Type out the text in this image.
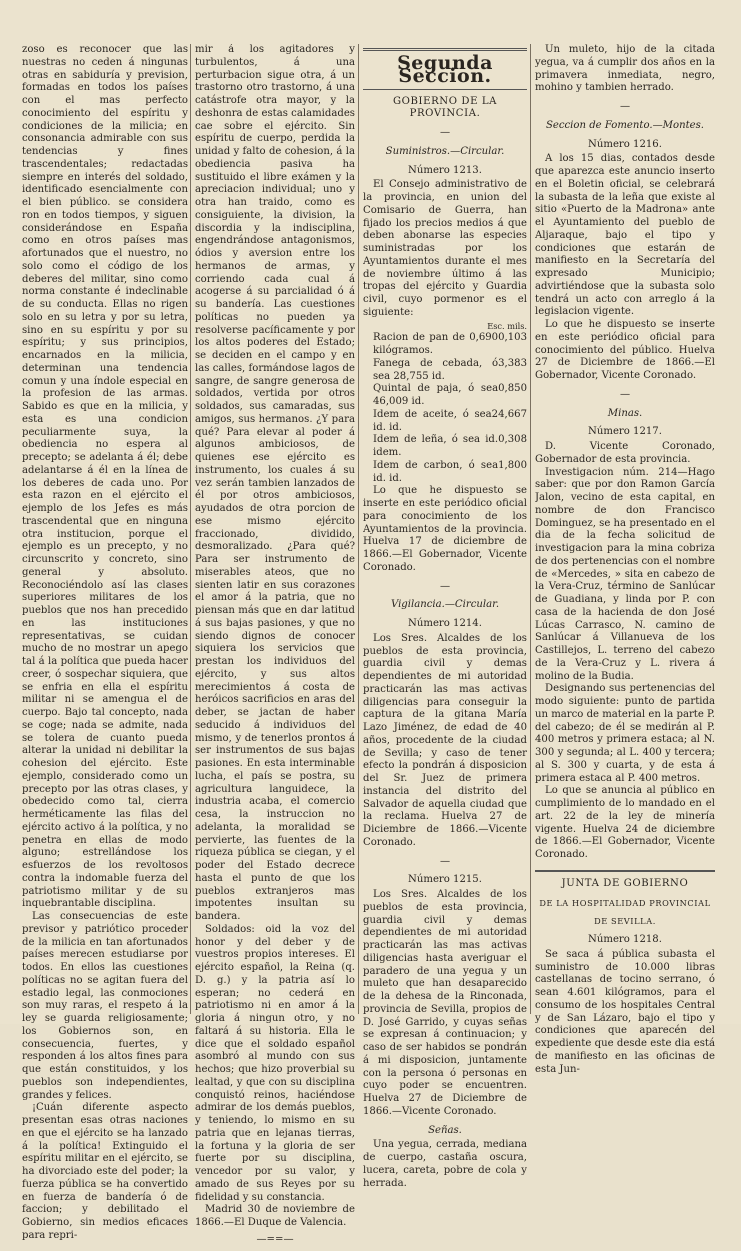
zoso es reconocer que las nuestras no ceden á ningunas otras en sabiduría y prevision, formadas en todos los países con el mas perfecto conocimiento del espíritu y condiciones de la milicia; en consonancia admirable con sus tendencias y fines trascendentales; redactadas siempre en interés del soldado, identificado esencialmente con el bien público. se considera ron en todos tiempos, y siguen considerándose en España como en otros países mas afortunados que el nuestro, no solo como el código de los deberes del militar, sino como norma constante é indeclinable de su conducta. Ellas no rigen solo en su letra y por su letra, sino en su espíritu y por su espíritu; y sus principios, encarnados en la milicia, determinan una tendencia comun y una índole especial en la profesion de las armas. Sabido es que en la milicia, y esta es una condicion peculiarmente suya, la obediencia no espera al precepto; se adelanta á él; debe adelantarse á él en la línea de los deberes de cada uno. Por esta razon en el ejército el ejemplo de los Jefes es más trascendental que en ninguna otra institucion, porque el ejemplo es un precepto, y no circunscrito y concreto, sino general y absoluto. Reconociéndolo así las clases superiores militares de los pueblos que nos han precedido en las instituciones representativas, se cuidan mucho de no mostrar un apego tal á la política que pueda hacer creer, ó sospechar siquiera, que se enfria en ella el espíritu militar ni se amengua el de cuerpo. Bajo tal concepto, nada se coge; nada se admite, nada se tolera de cuanto pueda alterar la unidad ni debilitar la cohesion del ejército. Este ejemplo, considerado como un precepto por las otras clases, y obedecido como tal, cierra herméticamente las filas del ejército activo á la política, y no penetra en ellas de modo alguno; estrellándose los esfuerzos de los revoltosos contra la indomable fuerza del patriotismo militar y de su inquebrantable disciplina.

Las consecuencias de este previsor y patriótico proceder de la milicia en tan afortunados países merecen estudiarse por todos. En ellos las cuestiones políticas no se agitan fuera del estadio legal, las conmociones son muy raras, el respeto á la ley se guarda religiosamente; los Gobiernos son, en consecuencia, fuertes, y responden á los altos fines para que están constituidos, y los pueblos son independientes, grandes y felices.

¡Cuán diferente aspecto presentan esas otras naciones en que el ejército se ha lanzado á la política! Extinguido el espíritu militar en el ejército, se ha divorciado este del poder; la fuerza pública se ha convertido en fuerza de bandería ó de faccion; y debilitado el Gobierno, sin medios eficaces para repri-

mir á los agitadores y turbulentos, á una perturbacion sigue otra, á un trastorno otro trastorno, á una catástrofe otra mayor, y la deshonra de estas calamidades cae sobre el ejército. Sin espíritu de cuerpo, perdida la unidad y falto de cohesion, á la obediencia pasiva ha sustituido el libre exámen y la apreciacion individual; uno y otra han traido, como es consiguiente, la division, la discordia y la indisciplina, engendrándose antagonismos, ódios y aversion entre los hermanos de armas, y corriendo cada cual á acogerse á su parcialidad ó á su bandería. Las cuestiones políticas no pueden ya resolverse pacíficamente y por los altos poderes del Estado; se deciden en el campo y en las calles, formándose lagos de sangre, de sangre generosa de soldados, vertida por otros soldados, sus camaradas, sus amigos, sus hermanos. ¿Y para qué? Para elevar al poder á algunos ambiciosos, de quienes ese ejército es instrumento, los cuales á su vez serán tambien lanzados de él por otros ambiciosos, ayudados de otra porcion de ese mismo ejército fraccionado, dividido, desmoralizado. ¿Para qué? Para ser instrumento de miserables ateos, que no sienten latir en sus corazones el amor á la patria, que no piensan más que en dar latitud á sus bajas pasiones, y que no siendo dignos de conocer siquiera los servicios que prestan los individuos del ejército, y sus altos merecimientos á costa de heróicos sacrificios en aras del deber, se jactan de haber seducido á individuos del mismo, y de tenerlos prontos á ser instrumentos de sus bajas pasiones. En esta interminable lucha, el país se postra, su agricultura languidece, la industria acaba, el comercio cesa, la instruccion no adelanta, la moralidad se pervierte, las fuentes de la riqueza pública se ciegan, y el poder del Estado decrece hasta el punto de que los pueblos extranjeros mas impotentes insultan su bandera.

Soldados: oid la voz del honor y del deber y de vuestros propios intereses. El ejército español, la Reina (q. D. g.) y la patria así lo esperan; no cederá en patriotismo ni en amor á la gloria á ningun otro, y no faltará á su historia. Ella le dice que el soldado español asombró al mundo con sus hechos; que hizo proverbial su lealtad, y que con su disciplina conquistó reinos, haciéndose admirar de los demás pueblos, y teniendo, lo mismo en su patria que en lejanas tierras, la fortuna y la gloria de ser fuerte por su disciplina, vencedor por su valor, y amado de sus Reyes por su fidelidad y su constancia.

Madrid 30 de noviembre de 1866.—El Duque de Valencia.

—==—
Segunda Seccion.
GOBIERNO DE LA PROVINCIA.
—
Suministros.—Circular.
Número 1213.

El Consejo administrativo de la provincia, en union del Comisario de Guerra, han fijado los precios medios á que deben abonarse las especies suministradas por los Ayuntamientos durante el mes de noviembre último á las tropas del ejército y Guardia civil, cuyo pormenor es el siguiente:

Esc. mils.
Racion de pan de 0,690 kilógramos.
0,103
Fanega de cebada, ó sea 28,755 id.
3,383
Quintal de paja, ó sea 46,009 id.
0,850
Idem de aceite, ó sea id. id.
24,667
Idem de leña, ó sea id. idem.
0,308
Idem de carbon, ó sea id. id.
1,800

Lo que he dispuesto se inserte en este periódico oficial para conocimiento de los Ayuntamientos de la provincia. Huelva 17 de diciembre de 1866.—El Gobernador, Vicente Coronado.

—
Vigilancia.—Circular.
Número 1214.

Los Sres. Alcaldes de los pueblos de esta provincia, guardia civil y demas dependientes de mi autoridad practicarán las mas activas diligencias para conseguir la captura de la gitana María Lazo Jiménez, de edad de 40 años, procedente de la ciudad de Sevilla; y caso de tener efecto la pondrán á disposicion del Sr. Juez de primera instancia del distrito del Salvador de aquella ciudad que la reclama. Huelva 27 de Diciembre de 1866.—Vicente Coronado.

—
Número 1215.

Los Sres. Alcaldes de los pueblos de esta provincia, guardia civil y demas dependientes de mi autoridad practicarán las mas activas diligencias hasta averiguar el paradero de una yegua y un muleto que han desaparecido de la dehesa de la Rinconada, provincia de Sevilla, propios de D. José Garrido, y cuyas señas se expresan á continuacion; y caso de ser habidos se pondrán á mi disposicion, juntamente con la persona ó personas en cuyo poder se encuentren. Huelva 27 de Diciembre de 1866.—Vicente Coronado.

Señas.

Una yegua, cerrada, mediana de cuerpo, castaña oscura, lucera, careta, pobre de cola y herrada.

Un muleto, hijo de la citada yegua, va á cumplir dos años en la primavera inmediata, negro, mohino y tambien herrado.

—
Seccion de Fomento.—Montes.
Número 1216.

A los 15 dias, contados desde que aparezca este anuncio inserto en el Boletin oficial, se celebrará la subasta de la leña que existe al sitio «Puerto de la Madrona» ante el Ayuntamiento del pueblo de Aljaraque, bajo el tipo y condiciones que estarán de manifiesto en la Secretaría del expresado Municipio; advirtiéndose que la subasta solo tendrá un acto con arreglo á la legislacion vigente.

Lo que he dispuesto se inserte en este periódico oficial para conocimiento del público. Huelva 27 de Diciembre de 1866.—El Gobernador, Vicente Coronado.

—
Minas.
Número 1217.

D. Vicente Coronado, Gobernador de esta provincia.

Investigacion núm. 214—Hago saber: que por don Ramon García Jalon, vecino de esta capital, en nombre de don Francisco Dominguez, se ha presentado en el dia de la fecha solicitud de investigacion para la mina cobriza de dos pertenencias con el nombre de «Mercedes, » sita en cabezo de la Vera-Cruz, término de Sanlúcar de Guadiana, y linda por P. con casa de la hacienda de don José Lúcas Carrasco, N. camino de Sanlúcar á Villanueva de los Castillejos, L. terreno del cabezo de la Vera-Cruz y L. rivera á molino de la Budia.

Designando sus pertenencias del modo siguiente: punto de partida un marco de material en la parte P. del cabezo; de él se medirán al P. 400 metros y primera estaca; al N. 300 y segunda; al L. 400 y tercera; al S. 300 y cuarta, y de esta á primera estaca al P. 400 metros.

Lo que se anuncia al público en cumplimiento de lo mandado en el art. 22 de la ley de minería vigente. Huelva 24 de diciembre de 1866.—El Gobernador, Vicente Coronado.

JUNTA DE GOBIERNO
DE LA HOSPITALIDAD PROVINCIAL
DE SEVILLA.
Número 1218.

Se saca á pública subasta el suministro de 10.000 libras castellanas de tocino serrano, ó sean 4.601 kilógramos, para el consumo de los hospitales Central y de San Lázaro, bajo el tipo y condiciones que aparecén del expediente que desde este dia está de manifiesto en las oficinas de esta Jun-
